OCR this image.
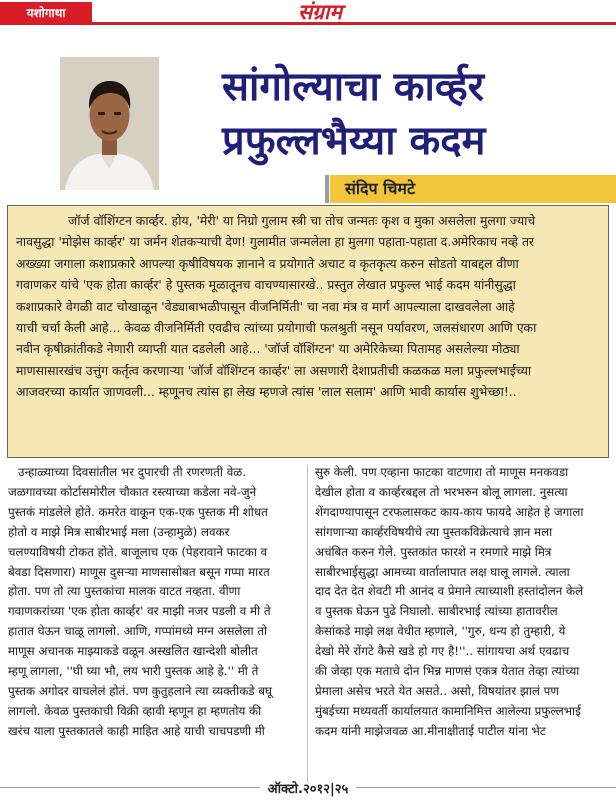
यशोगाथा	संग्राम
सांगोल्याचा कार्व्हर
प्रफुल्लभैय्या कदम
संदिप चिमटे
जॉर्ज वॉशिंग्टन कार्व्हर. होय, 'मेरी' या निग्रो गुलाम स्त्री चा तोच जन्मतः कृश व मुका असलेला मुलगा ज्याचे
नावसुद्धा 'मोझेस कार्व्हर' या जर्मन शेतकऱ्याची देण! गुलामीत जन्मलेला हा मुलगा पहाता-पहाता द.अमेरिकाच नव्हे तर
अख्ख्या जगाला कशाप्रकारे आपल्या कृषीविषयक ज्ञानाने व प्रयोगाते अचाट व कृतकृत्य करुन सोडतो याबद्दल वीणा
गवाणकर यांचे 'एक होता कार्व्हर' हे पुस्तक मूळातूनच वाचण्यासारखे.. प्रस्तुत लेखात प्रफुल्ल भाई कदम यांनीसुद्धा
कशाप्रकारे वेगळी वाट चोखाळून 'वेड्याबाभळीपासून वीजनिर्मिती' चा नवा मंत्र व मार्ग आपल्याला दाखवलेला आहे
याची चर्चा केली आहे... केवळ वीजनिर्मिती एवढीच त्यांच्या प्रयोगाची फलश्रुती नसून पर्यावरण, जलसंधारण आणि एका
नवीन कृषीक्रांतीकडे नेणारी व्याप्ती यात दडलेली आहे... 'जॉर्ज वॉशिंग्टन' या अमेरिकेच्या पितामह असलेल्या मोठ्या
माणसासारखंच उत्तुंग कर्तृत्व करणाऱ्या 'जॉर्ज वॉशिंग्टन कार्व्हर' ला असणारी देशाप्रतीची कळकळ मला प्रफुल्लभाईच्या
आजवरच्या कार्यात जाणवली... म्हणूनच त्यांस हा लेख म्हणजे त्यांस 'लाल सलाम' आणि भावी कार्यास शुभेच्छा!..
उन्हाळ्याच्या दिवसांतील भर दुपारची ती रणरणती वेळ.
जळगावच्या कोर्टासमोरील चौकात रस्त्याच्या कडेला नवे-जुने
पुस्तकं मांडलेले होते. कमरेत वाकून एक-एक पुस्तक मी शोधत
होतो व माझे मित्र साबीरभाई मला (उन्हामुळे) लवकर
चलण्याविषयी टोकत होते. बाजूलाच एक (पेहरावाने फाटका व
बेवडा दिसणारा) माणूस दुसऱ्या माणसासोबत बसून गप्पा मारत
होता. पण तो त्या पुस्तकांचा मालक वाटत नव्हता. वीणा
गवाणकरांच्या 'एक होता कार्व्हर' वर माझी नजर पडली व मी ते
हातात घेऊन चाळू लागलो. आणि, गप्पांमध्ये मग्न असलेला तो
माणूस अचानक माझ्याकडे वळून अस्खलित खान्देशी बोलीत
म्हणू लागला, ''घी घ्या भौ, लय भारी पुस्तक आहे हे.'' मी ते
पुस्तक अगोदर वाचलेलं होतं. पण कुतुहलाने त्या व्यक्तीकडे बघू
लागलो. केवळ पुस्तकाची विक्री व्हावी म्हणून हा म्हणतोय की
खरंच याला पुस्तकातले काही माहित आहे याची चाचपडणी मी
सुरु केली. पण एव्हाना फाटका वाटणारा तो माणूस मनकवडा
देखील होता व कार्व्हरबद्दल तो भरभरुन बोलू लागला. नुसत्या
शेंगदाण्यापासून टरफलासकट काय-काय फायदे आहेत हे जगाला
सांगणाऱ्या कार्व्हरविषयीचे त्या पुस्तकविक्रेत्याचे ज्ञान मला
अचंबित करुन गेले. पुस्तकांत फारशे न रमणारे माझे मित्र
साबीरभाईसुद्धा आमच्या वार्तालापात लक्ष घालू लागले. त्याला
दाद देत देत शेवटी मी आनंद व प्रेमाने त्याच्याशी हस्तांदोलन केले
व पुस्तक घेऊन पुढे निघालो. साबीरभाई त्यांच्या हातावरील
केसांकडे माझे लक्ष वेधीत म्हणाले, ''गुरु, धन्य हो तुम्हारी, ये
देखो मेरे रोंगटे कैसे खडे हो गए है!''.. सांगायचा अर्थ एवढाच
की जेव्हा एक मताचे दोन भिन्न माणसं एकत्र येतात तेव्हा त्यांच्या
प्रेमाला असेच भरते येत असते.. असो, विषयांतर झालं पण
मुंबईच्या मध्यवर्ती कार्यालयात कामानिमित्त आलेल्या प्रफुल्लभाई
कदम यांनी माझेजवळ आ.मीनाक्षीताई पाटील यांना भेट
ऑक्टो.२०१२|२५
